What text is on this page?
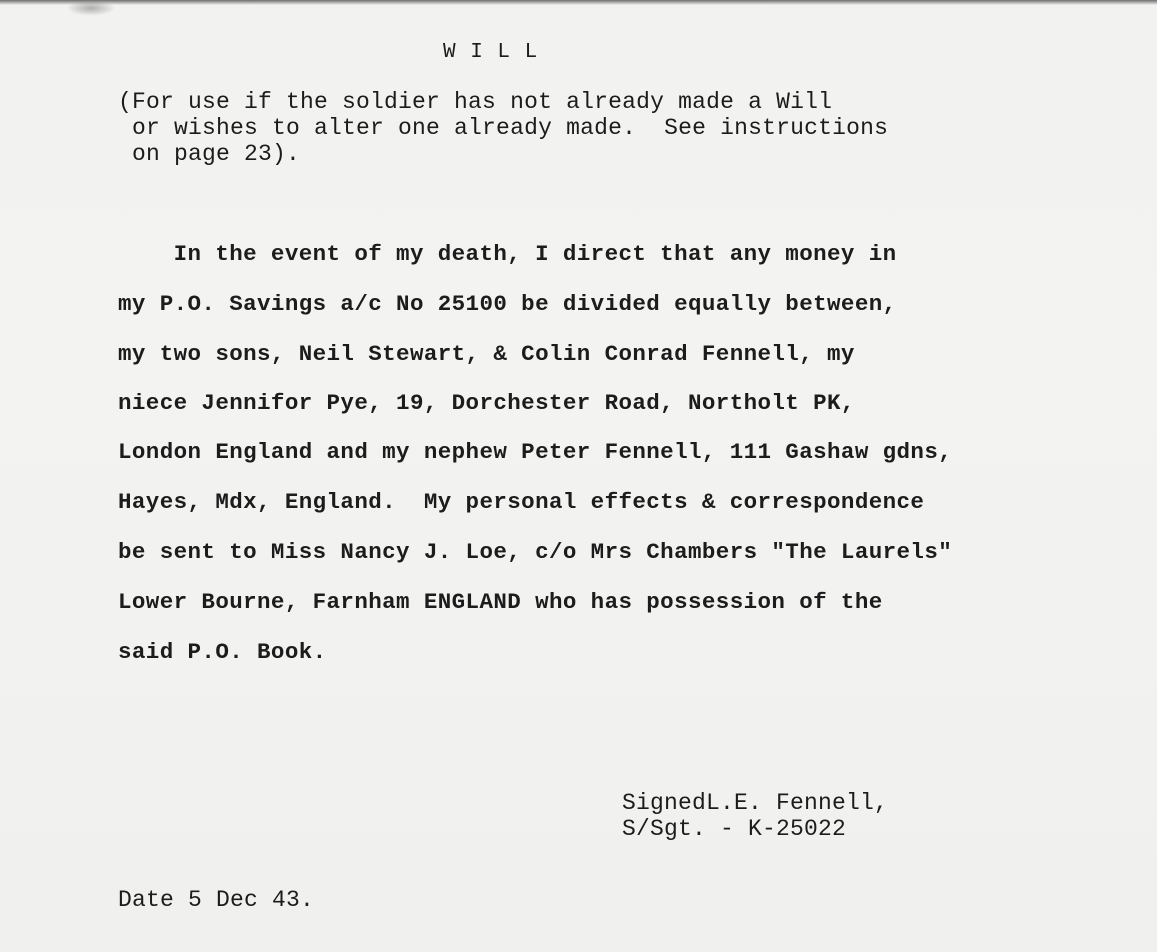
W I L L
(For use if the soldier has not already made a Will
or wishes to alter one already made.  See instructions
on page 23).
In the event of my death, I direct that any money in
my P.O. Savings a/c No 25100 be divided equally between,
my two sons, Neil Stewart, & Colin Conrad Fennell, my
niece Jennifor Pye, 19, Dorchester Road, Northolt PK,
London England and my nephew Peter Fennell, 111 Gashaw gdns,
Hayes, Mdx, England.  My personal effects & correspondence
be sent to Miss Nancy J. Loe, c/o Mrs Chambers "The Laurels"
Lower Bourne, Farnham ENGLAND who has possession of the
said P.O. Book.
SignedL.E. Fennell,
S/Sgt. - K-25022
Date 5 Dec 43.
